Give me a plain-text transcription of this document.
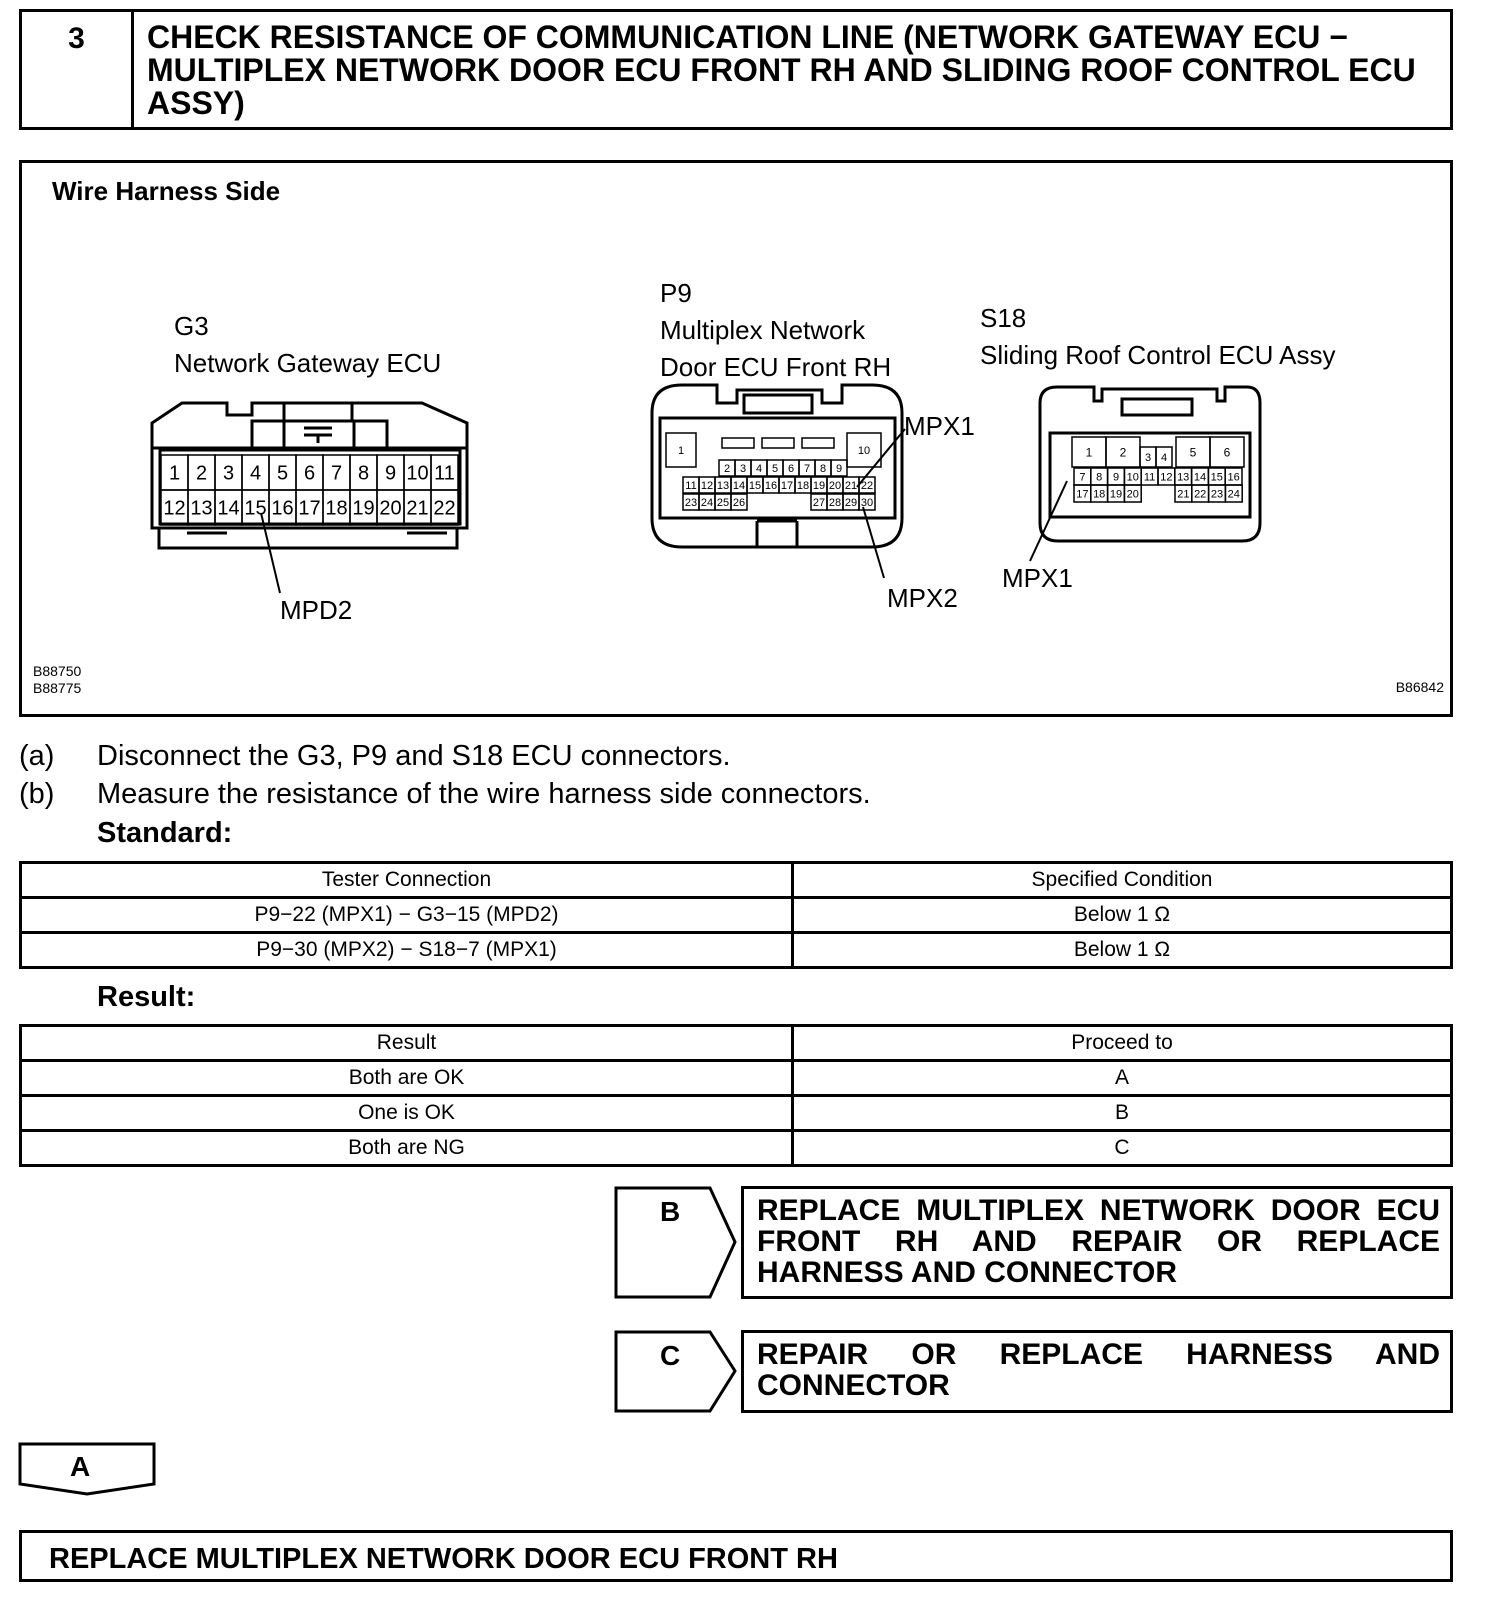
3	CHECK RESISTANCE OF COMMUNICATION LINE (NETWORK GATEWAY ECU − MULTIPLEX NETWORK DOOR ECU FRONT RH AND SLIDING ROOF CONTROL ECU ASSY)
Wire Harness Side
G3
Network Gateway ECU
P9
Multiplex Network
Door ECU Front RH
S18
Sliding Roof Control ECU Assy
1 2 3 4 5 6 7 8 9 10 11
12 13 14 15 16 17 18 19 20 21 22
1	10
2 3 4 5 6 7 8 9
11 12 13 14 15 16 17 18 19 20 21 22
23 24 25 26	27 28 29 30
1 2 3 4 5 6
7 8 9 10 11 12 13 14 15 16
17 18 19 20	21 22 23 24
MPD2
MPX1
MPX2
MPX1
B88750
B88775	B86842
(a) Disconnect the G3, P9 and S18 ECU connectors.
(b) Measure the resistance of the wire harness side connectors.
Standard:
Tester Connection	Specified Condition
P9−22 (MPX1) − G3−15 (MPD2)	Below 1 Ω
P9−30 (MPX2) − S18−7 (MPX1)	Below 1 Ω
Result:
Result	Proceed to
Both are OK	A
One is OK	B
Both are NG	C
B	REPLACE MULTIPLEX NETWORK DOOR ECU
FRONT RH AND REPAIR OR REPLACE
HARNESS AND CONNECTOR
C	REPAIR OR REPLACE HARNESS AND
CONNECTOR
A
REPLACE MULTIPLEX NETWORK DOOR ECU FRONT RH
